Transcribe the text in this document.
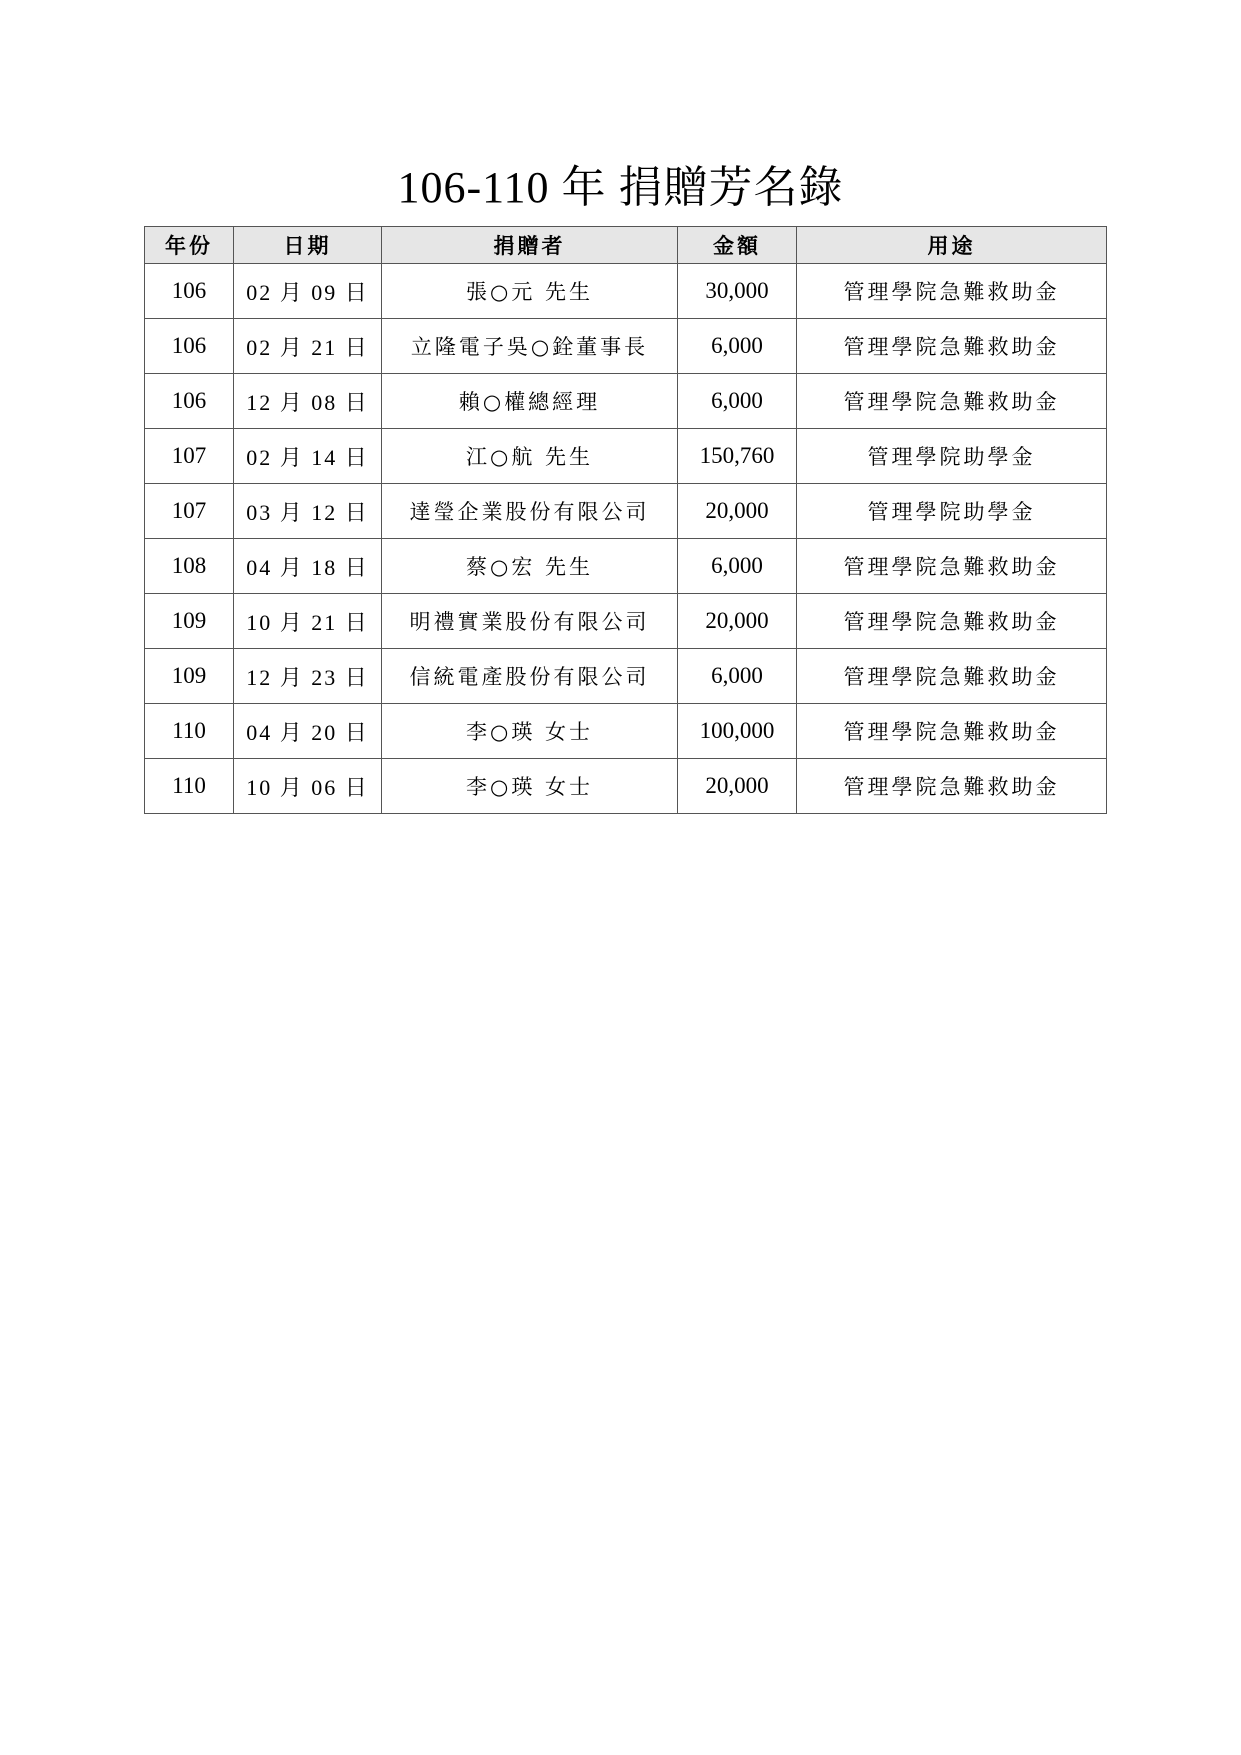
106-110 年 捐贈芳名錄
年份	日期	捐贈者	金額	用途
106	02 月 09 日	張○元 先生	30,000	管理學院急難救助金
106	02 月 21 日	立隆電子吳○銓董事長	6,000	管理學院急難救助金
106	12 月 08 日	賴○權總經理	6,000	管理學院急難救助金
107	02 月 14 日	江○航 先生	150,760	管理學院助學金
107	03 月 12 日	達瑩企業股份有限公司	20,000	管理學院助學金
108	04 月 18 日	蔡○宏 先生	6,000	管理學院急難救助金
109	10 月 21 日	明禮實業股份有限公司	20,000	管理學院急難救助金
109	12 月 23 日	信統電產股份有限公司	6,000	管理學院急難救助金
110	04 月 20 日	李○瑛 女士	100,000	管理學院急難救助金
110	10 月 06 日	李○瑛 女士	20,000	管理學院急難救助金
